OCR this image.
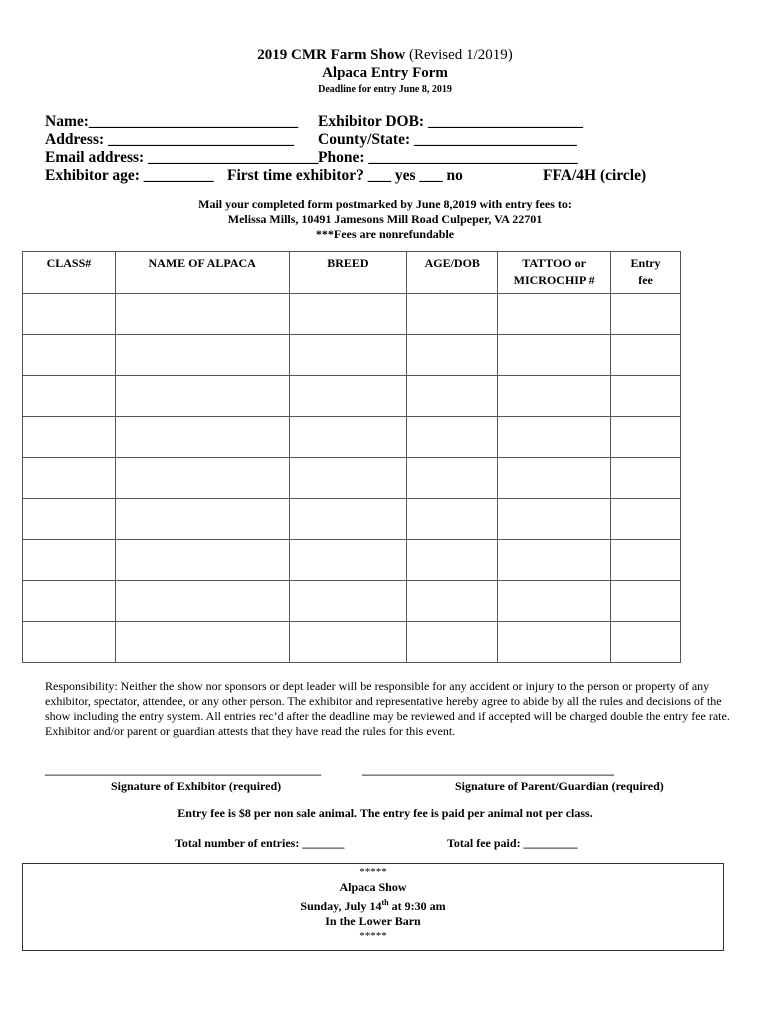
2019 CMR Farm Show (Revised 1/2019)
Alpaca Entry Form
Deadline for entry June 8, 2019
Name:___________________________ Exhibitor DOB: ____________________
Address: ________________________ County/State: _____________________
Email address: ______________________ Phone: ___________________________
Exhibitor age: _________ First time exhibitor? ___ yes ___ no	FFA/4H (circle)
Mail your completed form postmarked by June 8,2019 with entry fees to:
Melissa Mills, 10491 Jamesons Mill Road Culpeper, VA 22701
***Fees are nonrefundable
CLASS#	NAME OF ALPACA	BREED	AGE/DOB	TATTOO or
MICROCHIP #	Entry
fee

Responsibility: Neither the show nor sponsors or dept leader will be responsible for any accident or injury to the person or property of any exhibitor, spectator, attendee, or any other person. The exhibitor and representative hereby agree to abide by all the rules and decisions of the show including the entry system. All entries rec’d after the deadline may be reviewed and if accepted will be charged double the entry fee rate. Exhibitor and/or parent or guardian attests that they have read the rules for this event.
______________________________________________	__________________________________________
Signature of Exhibitor (required)	Signature of Parent/Guardian (required)
Entry fee is $8 per non sale animal. The entry fee is paid per animal not per class.
Total number of entries: _______	Total fee paid: _________
*****
Alpaca Show
Sunday, July 14th at 9:30 am
In the Lower Barn
*****
